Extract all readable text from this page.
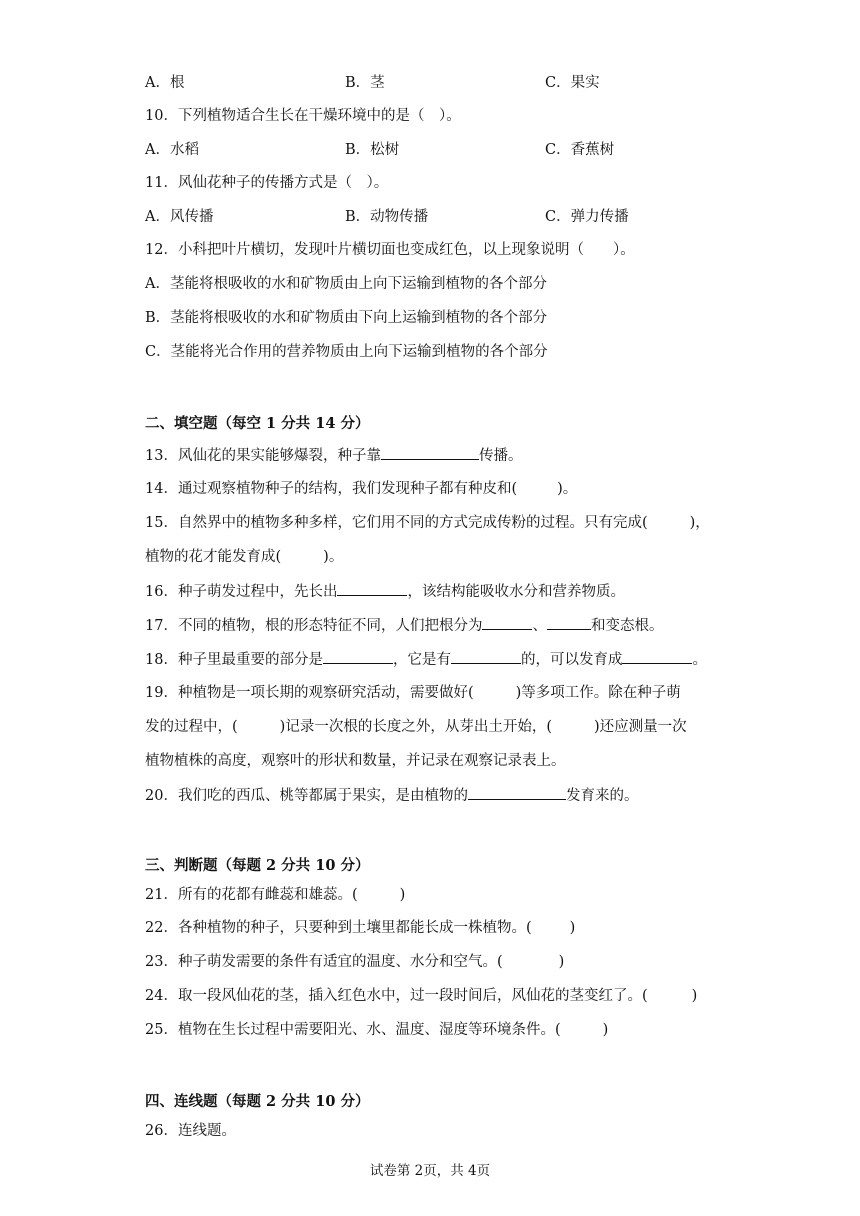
A．根	B．茎	C．果实
10．下列植物适合生长在干燥环境中的是（　）。
A．水稻	B．松树	C．香蕉树
11．风仙花种子的传播方式是（　）。
A．风传播	B．动物传播	C．弹力传播
12．小科把叶片横切，发现叶片横切面也变成红色，以上现象说明（　　）。
A．茎能将根吸收的水和矿物质由上向下运输到植物的各个部分
B．茎能将根吸收的水和矿物质由下向上运输到植物的各个部分
C．茎能将光合作用的营养物质由上向下运输到植物的各个部分
二、填空题（每空 1 分共 14 分）
13．风仙花的果实能够爆裂，种子靠	传播。
14．通过观察植物种子的结构，我们发现种子都有种皮和(	)。
15．自然界中的植物多种多样，它们用不同的方式完成传粉的过程。只有完成(	)，
植物的花才能发育成(	)。
16．种子萌发过程中，先长出	，该结构能吸收水分和营养物质。
17．不同的植物，根的形态特征不同，人们把根分为	、	和变态根。
18．种子里最重要的部分是	，它是有	的，可以发育成	。
19．种植物是一项长期的观察研究活动，需要做好(	)等多项工作。除在种子萌
发的过程中，(	)记录一次根的长度之外，从芽出土开始，(	)还应测量一次
植物植株的高度，观察叶的形状和数量，并记录在观察记录表上。
20．我们吃的西瓜、桃等都属于果实，是由植物的	发育来的。
三、判断题（每题 2 分共 10 分）
21．所有的花都有雌蕊和雄蕊。(	)
22．各种植物的种子，只要种到土壤里都能长成一株植物。(	)
23．种子萌发需要的条件有适宜的温度、水分和空气。(	)
24．取一段风仙花的茎，插入红色水中，过一段时间后，风仙花的茎变红了。(	)
25．植物在生长过程中需要阳光、水、温度、湿度等环境条件。(	)
四、连线题（每题 2 分共 10 分）
26．连线题。
试卷第 2页，共 4页
